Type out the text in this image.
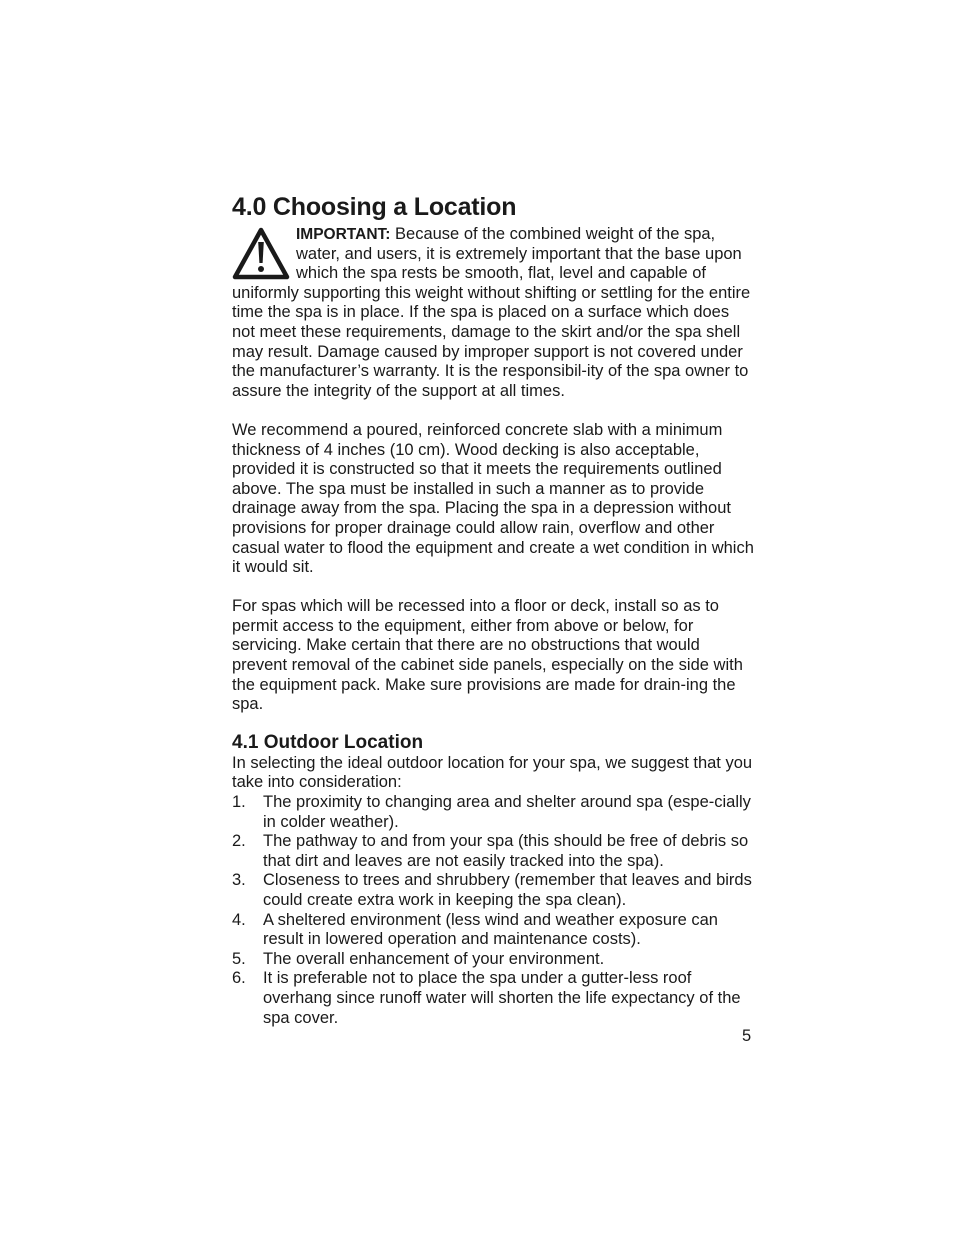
4.0 Choosing a Location

IMPORTANT: Because of the combined weight of the spa, water, and users, it is extremely important that the base upon which the spa rests be smooth, flat, level and capable of uniformly supporting this weight without shifting or settling for the entire time the spa is in place. If the spa is placed on a surface which does not meet these requirements, damage to the skirt and/or the spa shell may result. Damage caused by improper support is not covered under the manufacturer’s warranty. It is the responsibil-ity of the spa owner to assure the integrity of the support at all times.

We recommend a poured, reinforced concrete slab with a minimum thickness of 4 inches (10 cm). Wood decking is also acceptable, provided it is constructed so that it meets the requirements outlined above. The spa must be installed in such a manner as to provide drainage away from the spa. Placing the spa in a depression without provisions for proper drainage could allow rain, overflow and other casual water to flood the equipment and create a wet condition in which it would sit.

For spas which will be recessed into a floor or deck, install so as to permit access to the equipment, either from above or below, for servicing. Make certain that there are no obstructions that would prevent removal of the cabinet side panels, especially on the side with the equipment pack. Make sure provisions are made for drain-ing the spa.

4.1 Outdoor Location

In selecting the ideal outdoor location for your spa, we suggest that you take into consideration:

1. The proximity to changing area and shelter around spa (espe-cially in colder weather).
2. The pathway to and from your spa (this should be free of debris so that dirt and leaves are not easily tracked into the spa).
3. Closeness to trees and shrubbery (remember that leaves and birds could create extra work in keeping the spa clean).
4. A sheltered environment (less wind and weather exposure can result in lowered operation and maintenance costs).
5. The overall enhancement of your environment.
6. It is preferable not to place the spa under a gutter-less roof overhang since runoff water will shorten the life expectancy of the spa cover.
5
